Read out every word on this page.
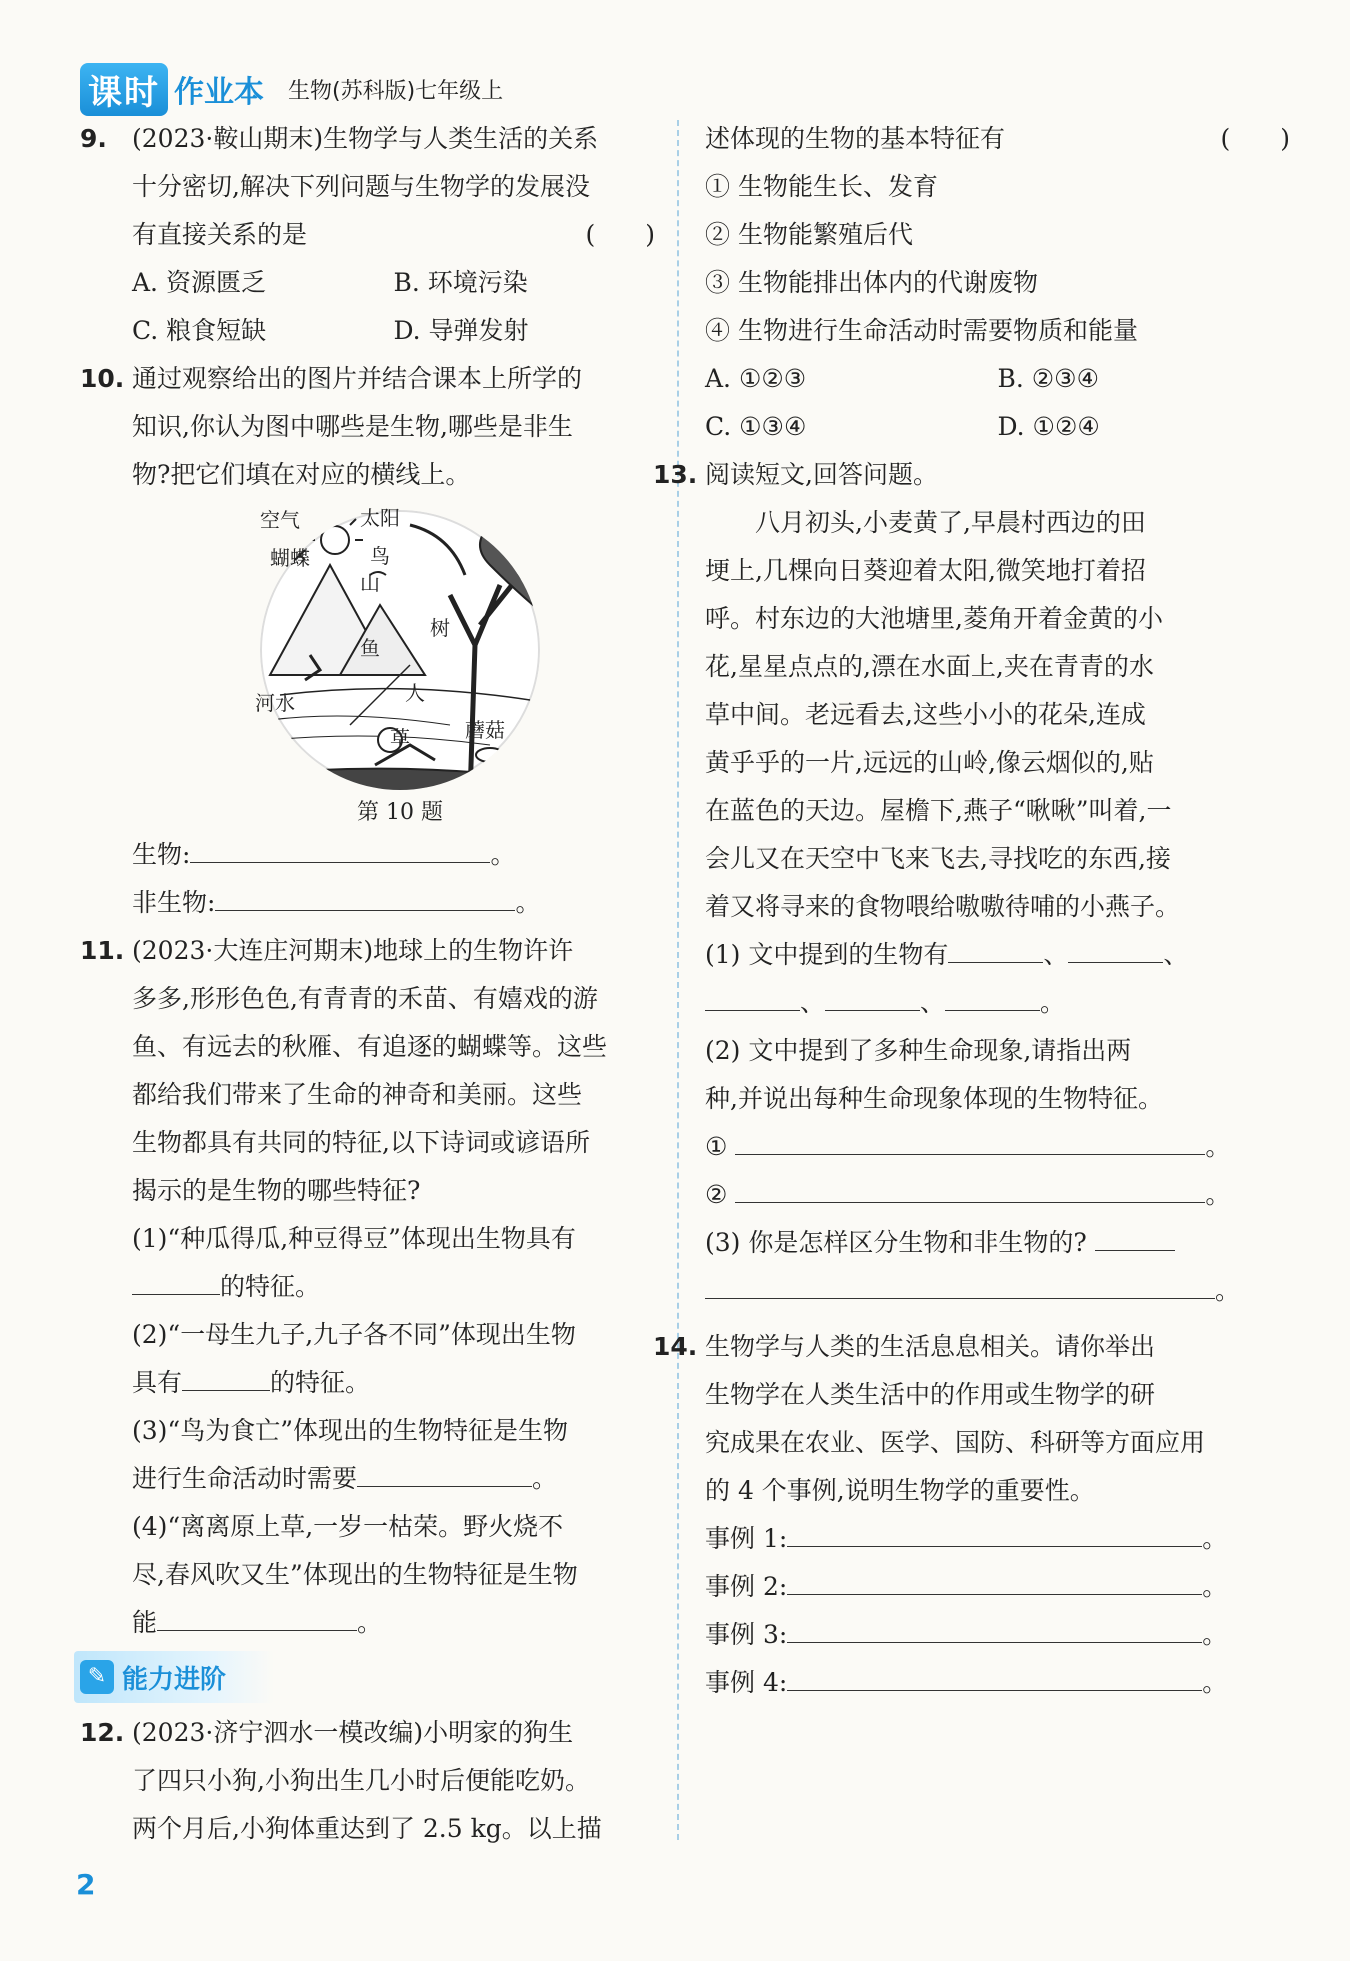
课时 作业本 生物(苏科版)七年级上
9. (2023·鞍山期末)生物学与人类生活的关系
十分密切,解决下列问题与生物学的发展没
有直接关系的是	(　　)
A. 资源匮乏	B. 环境污染
C. 粮食短缺	D. 导弹发射
10. 通过观察给出的图片并结合课本上所学的
知识,你认为图中哪些是生物,哪些是非生
物?把它们填在对应的横线上。
空气	太阳
蝴蝶	鸟
山
树
鱼
河水	人
草	蘑菇
第 10 题
生物:	。
非生物:	。
11. (2023·大连庄河期末)地球上的生物许许
多多,形形色色,有青青的禾苗、有嬉戏的游
鱼、有远去的秋雁、有追逐的蝴蝶等。这些
都给我们带来了生命的神奇和美丽。这些
生物都具有共同的特征,以下诗词或谚语所
揭示的是生物的哪些特征?
(1)“种瓜得瓜,种豆得豆”体现出生物具有
的特征。
(2)“一母生九子,九子各不同”体现出生物
具有	的特征。
(3)“鸟为食亡”体现出的生物特征是生物
进行生命活动时需要	。
(4)“离离原上草,一岁一枯荣。野火烧不
尽,春风吹又生”体现出的生物特征是生物
能	。
✎ 能力进阶
12. (2023·济宁泗水一模改编)小明家的狗生
了四只小狗,小狗出生几小时后便能吃奶。
两个月后,小狗体重达到了 2.5 kg。以上描
述体现的生物的基本特征有	(　　)
① 生物能生长、发育
② 生物能繁殖后代
③ 生物能排出体内的代谢废物
④ 生物进行生命活动时需要物质和能量
A. ①②③	B. ②③④
C. ①③④	D. ①②④
13. 阅读短文,回答问题。
　　八月初头,小麦黄了,早晨村西边的田
埂上,几棵向日葵迎着太阳,微笑地打着招
呼。村东边的大池塘里,菱角开着金黄的小
花,星星点点的,漂在水面上,夹在青青的水
草中间。老远看去,这些小小的花朵,连成
黄乎乎的一片,远远的山岭,像云烟似的,贴
在蓝色的天边。屋檐下,燕子“啾啾”叫着,一
会儿又在天空中飞来飞去,寻找吃的东西,接
着又将寻来的食物喂给嗷嗷待哺的小燕子。
(1) 文中提到的生物有	、	、
、	、	。
(2) 文中提到了多种生命现象,请指出两
种,并说出每种生命现象体现的生物特征。
①	。
②	。
(3) 你是怎样区分生物和非生物的?
。
14. 生物学与人类的生活息息相关。请你举出
生物学在人类生活中的作用或生物学的研
究成果在农业、医学、国防、科研等方面应用
的 4 个事例,说明生物学的重要性。
事例 1:	。
事例 2:	。
事例 3:	。
事例 4:	。
2
